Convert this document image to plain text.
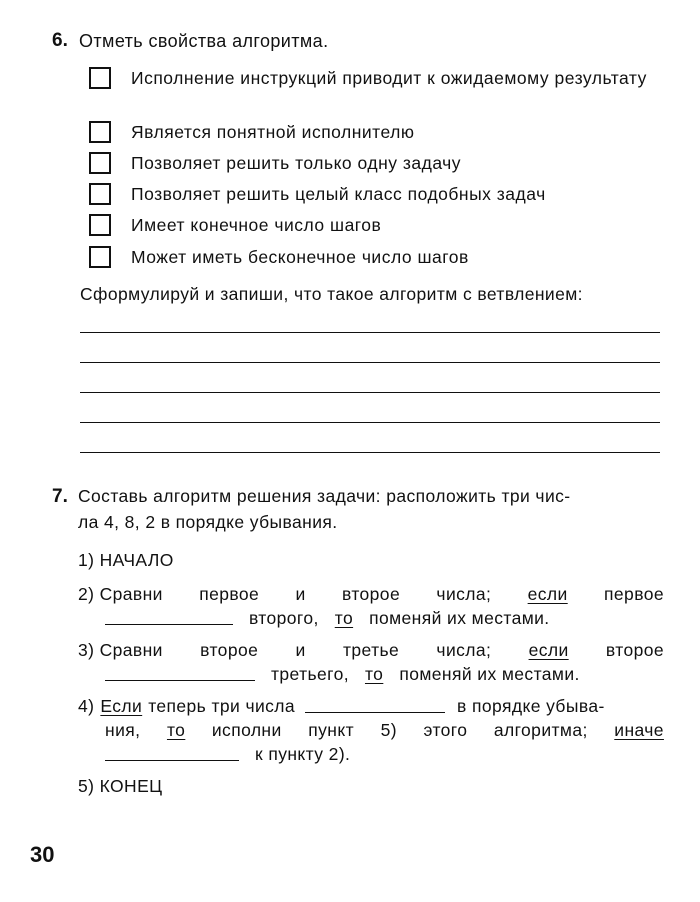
6. Отметь свойства алгоритма.
Исполнение инструкций приводит к ожидаемому результату
Является понятной исполнителю
Позволяет решить только одну задачу
Позволяет решить целый класс подобных задач
Имеет конечное число шагов
Может иметь бесконечное число шагов
Сформулируй и запиши, что такое алгоритм с ветвлением:
7. Составь алгоритм решения задачи: расположить три чис-
ла 4, 8, 2 в порядке убывания.
1) НАЧАЛО
2) Сравни первое и второе числа; если первое
второго, то поменяй их местами.
3) Сравни второе и третье числа; если второе
третьего, то поменяй их местами.
4) Если теперь три числа	в порядке убыва-
ния, то исполни пункт 5) этого алгоритма; иначе
к пункту 2).
5) КОНЕЦ
30
